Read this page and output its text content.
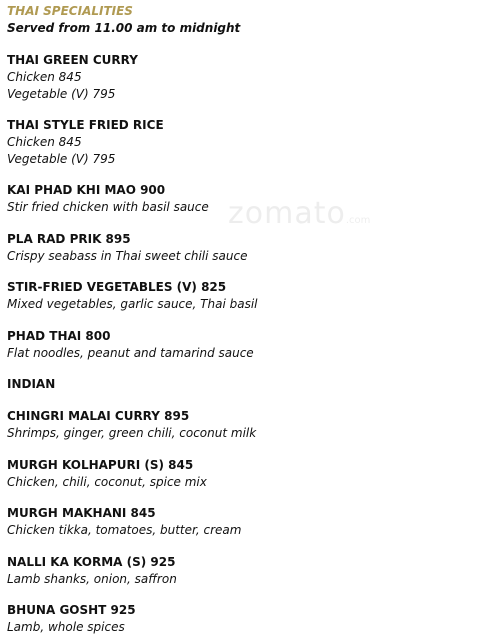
zomato.com
THAI SPECIALITIES
Served from 11.00 am to midnight
THAI GREEN CURRY
Chicken 845
Vegetable (V) 795
THAI STYLE FRIED RICE
Chicken 845
Vegetable (V) 795
KAI PHAD KHI MAO 900
Stir fried chicken with basil sauce
PLA RAD PRIK 895
Crispy seabass in Thai sweet chili sauce
STIR-FRIED VEGETABLES (V) 825
Mixed vegetables, garlic sauce, Thai basil
PHAD THAI 800
Flat noodles, peanut and tamarind sauce
INDIAN
CHINGRI MALAI CURRY 895
Shrimps, ginger, green chili, coconut milk
MURGH KOLHAPURI (S) 845
Chicken, chili, coconut, spice mix
MURGH MAKHANI 845
Chicken tikka, tomatoes, butter, cream
NALLI KA KORMA (S) 925
Lamb shanks, onion, saffron
BHUNA GOSHT 925
Lamb, whole spices
